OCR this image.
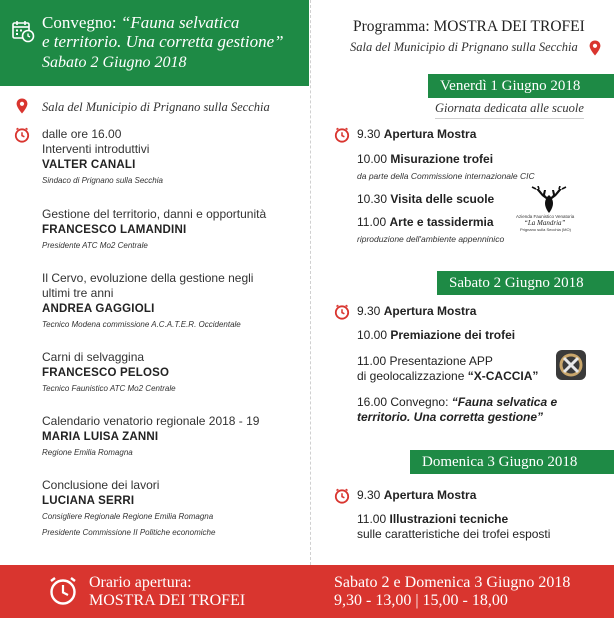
Convegno: “Fauna selvatica
e territorio. Una corretta gestione”
Sabato 2 Giugno 2018
Sala del Municipio di Prignano sulla Secchia
dalle ore 16.00
Interventi introduttivi
VALTER CANALI
Sindaco di Prignano sulla Secchia
Gestione del territorio, danni e opportunità
FRANCESCO LAMANDINI
Presidente ATC Mo2 Centrale
Il Cervo, evoluzione della gestione negli
ultimi tre anni
ANDREA GAGGIOLI
Tecnico Modena commissione A.C.A.T.E.R. Occidentale
Carni di selvaggina
FRANCESCO PELOSO
Tecnico Faunistico ATC Mo2 Centrale
Calendario venatorio regionale 2018 - 19
MARIA LUISA ZANNI
Regione Emilia Romagna
Conclusione dei lavori
LUCIANA SERRI
Consigliere Regionale Regione Emilia Romagna
Presidente Commissione II Politiche economiche
Programma: MOSTRA DEI TROFEI
Sala del Municipio di Prignano sulla Secchia
Venerdì 1 Giugno 2018
Giornata dedicata alle scuole
9.30 Apertura Mostra
10.00 Misurazione trofei
da parte della Commissione internazionale CIC
10.30 Visita delle scuole
11.00 Arte e tassidermia
riproduzione dell'ambiente appenninico
Azienda Faunistico Venatoria
“La Mandria”
Prignano sulla Secchia (MO)
Sabato 2 Giugno 2018
9.30 Apertura Mostra
10.00 Premiazione dei trofei
11.00 Presentazione APP
di geolocalizzazione “X-CACCIA”
16.00 Convegno: “Fauna selvatica e
territorio. Una corretta gestione”
Domenica 3 Giugno 2018
9.30 Apertura Mostra
11.00 Illustrazioni tecniche
sulle caratteristiche dei trofei esposti
Orario apertura:
MOSTRA DEI TROFEI
Sabato 2 e Domenica 3 Giugno 2018
9,30 - 13,00 | 15,00 - 18,00
